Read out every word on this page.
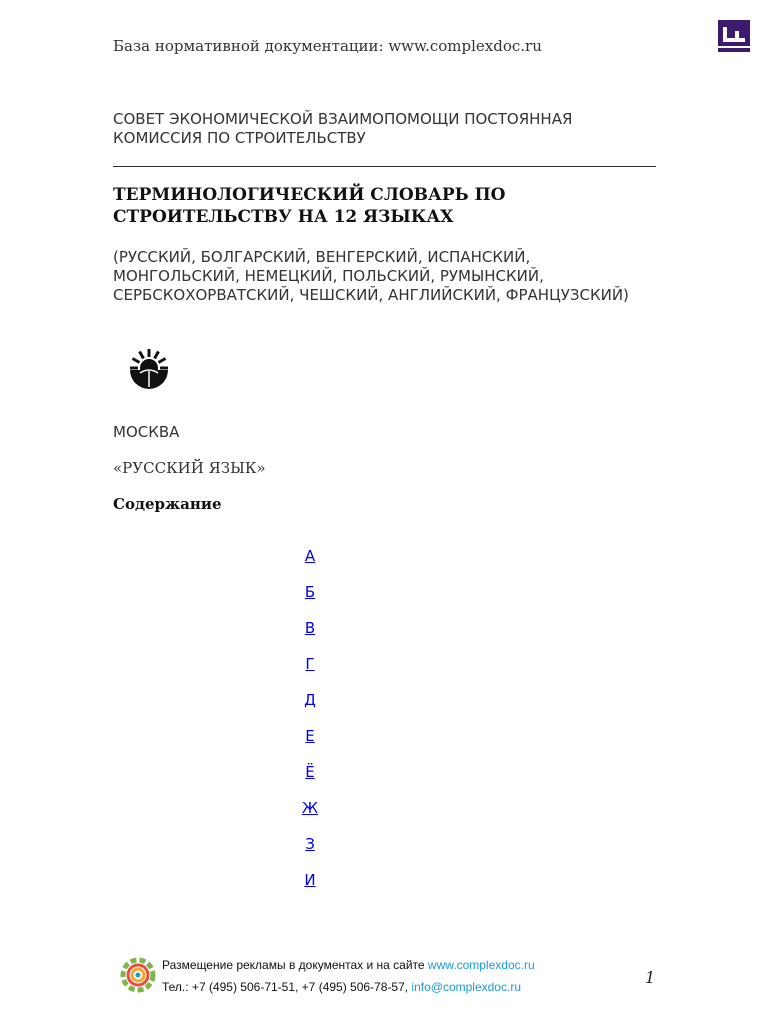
База нормативной документации: www.complexdoc.ru
СОВЕТ ЭКОНОМИЧЕСКОЙ ВЗАИМОПОМОЩИ ПОСТОЯННАЯ КОМИССИЯ ПО СТРОИТЕЛЬСТВУ
ТЕРМИНОЛОГИЧЕСКИЙ СЛОВАРЬ ПО СТРОИТЕЛЬСТВУ НА 12 ЯЗЫКАХ
(РУССКИЙ, БОЛГАРСКИЙ, ВЕНГЕРСКИЙ, ИСПАНСКИЙ, МОНГОЛЬСКИЙ, НЕМЕЦКИЙ, ПОЛЬСКИЙ, РУМЫНСКИЙ, СЕРБСКОХОРВАТСКИЙ, ЧЕШСКИЙ, АНГЛИЙСКИЙ, ФРАНЦУЗСКИЙ)
МОСКВА
«РУССКИЙ ЯЗЫК»
Содержание
А
Б
В
Г
Д
Е
Ё
Ж
З
И
Размещение рекламы в документах и на сайте www.complexdoc.ru
Тел.: +7 (495) 506-71-51, +7 (495) 506-78-57, info@complexdoc.ru	1
